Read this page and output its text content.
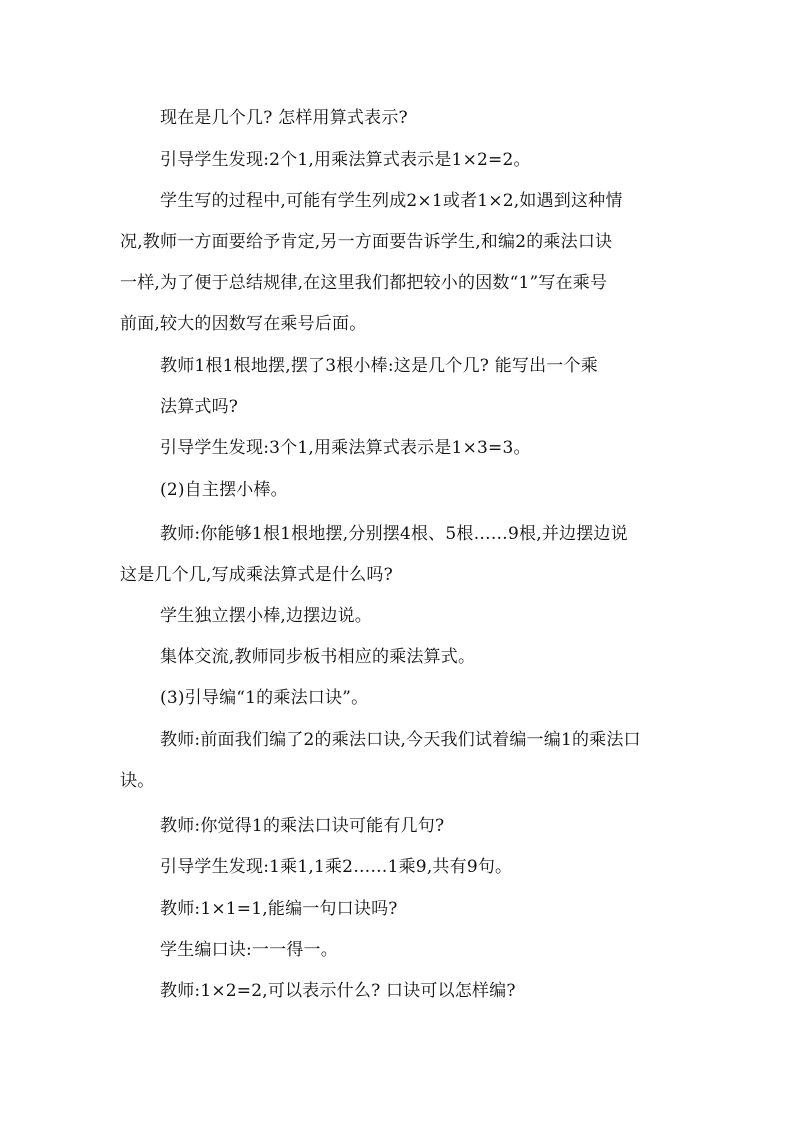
现在是几个几? 怎样用算式表示?
引导学生发现:2个1,用乘法算式表示是1×2=2。
学生写的过程中,可能有学生列成2×1或者1×2,如遇到这种情
况,教师一方面要给予肯定,另一方面要告诉学生,和编2的乘法口诀
一样,为了便于总结规律,在这里我们都把较小的因数“1”写在乘号
前面,较大的因数写在乘号后面。
教师1根1根地摆,摆了3根小棒:这是几个几? 能写出一个乘
法算式吗?
引导学生发现:3个1,用乘法算式表示是1×3=3。
(2)自主摆小棒。
教师:你能够1根1根地摆,分别摆4根、5根……9根,并边摆边说
这是几个几,写成乘法算式是什么吗?
学生独立摆小棒,边摆边说。
集体交流,教师同步板书相应的乘法算式。
(3)引导编“1的乘法口诀”。
教师:前面我们编了2的乘法口诀,今天我们试着编一编1的乘法口
诀。
教师:你觉得1的乘法口诀可能有几句?
引导学生发现:1乘1,1乘2……1乘9,共有9句。
教师:1×1=1,能编一句口诀吗?
学生编口诀:一一得一。
教师:1×2=2,可以表示什么? 口诀可以怎样编?
